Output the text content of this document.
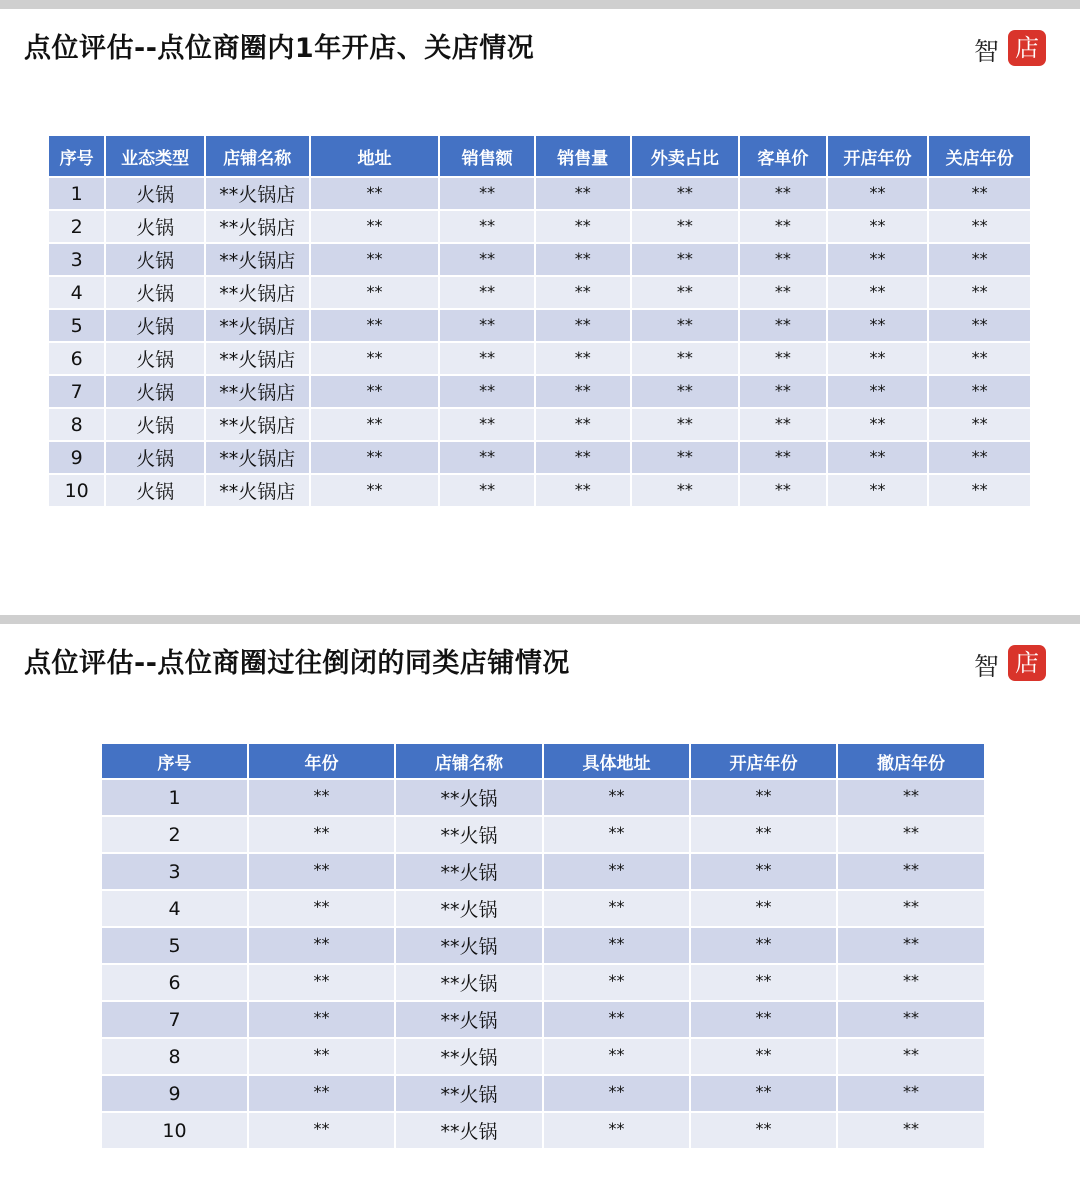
点位评估--点位商圈内1年开店、关店情况	智 店
序号	业态类型	店铺名称	地址	销售额	销售量	外卖占比	客单价	开店年份	关店年份
1	火锅	**火锅店	**	**	**	**	**	**	**
2	火锅	**火锅店	**	**	**	**	**	**	**
3	火锅	**火锅店	**	**	**	**	**	**	**
4	火锅	**火锅店	**	**	**	**	**	**	**
5	火锅	**火锅店	**	**	**	**	**	**	**
6	火锅	**火锅店	**	**	**	**	**	**	**
7	火锅	**火锅店	**	**	**	**	**	**	**
8	火锅	**火锅店	**	**	**	**	**	**	**
9	火锅	**火锅店	**	**	**	**	**	**	**
10	火锅	**火锅店	**	**	**	**	**	**	**
点位评估--点位商圈过往倒闭的同类店铺情况	智 店
序号	年份	店铺名称	具体地址	开店年份	撤店年份
1	**	**火锅	**	**	**
2	**	**火锅	**	**	**
3	**	**火锅	**	**	**
4	**	**火锅	**	**	**
5	**	**火锅	**	**	**
6	**	**火锅	**	**	**
7	**	**火锅	**	**	**
8	**	**火锅	**	**	**
9	**	**火锅	**	**	**
10	**	**火锅	**	**	**
